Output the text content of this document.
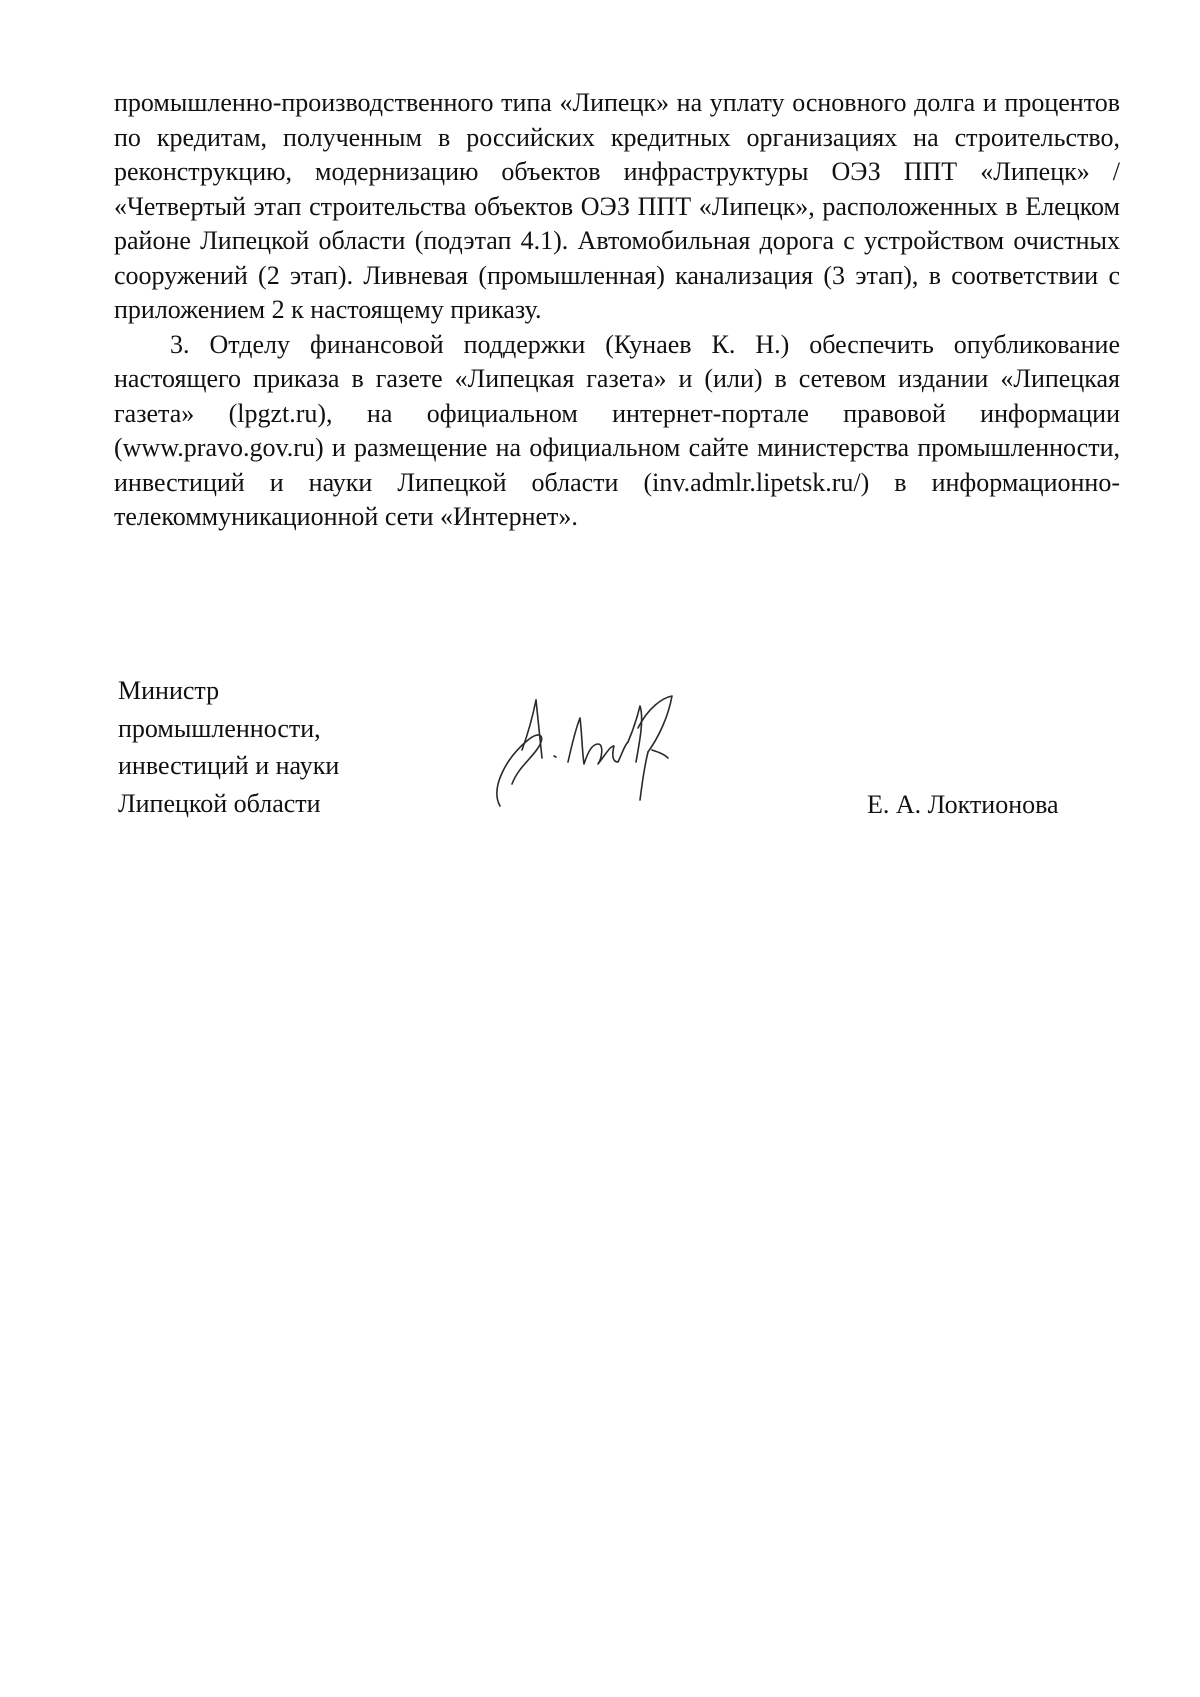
промышленно-производственного типа «Липецк» на уплату основного долга и процентов по кредитам, полученным в российских кредитных организациях на строительство, реконструкцию, модернизацию объектов инфраструктуры ОЭЗ ППТ «Липецк» / «Четвертый этап строительства объектов ОЭЗ ППТ «Липецк», расположенных в Елецком районе Липецкой области (подэтап 4.1). Автомобильная дорога с устройством очистных сооружений (2 этап). Ливневая (промышленная) канализация (3 этап), в соответствии с приложением 2 к настоящему приказу.

3. Отделу финансовой поддержки (Кунаев К. Н.) обеспечить опубликование настоящего приказа в газете «Липецкая газета» и (или) в сетевом издании «Липецкая газета» (lpgzt.ru), на официальном интернет-портале правовой информации (www.pravo.gov.ru) и размещение на официальном сайте министерства промышленности, инвестиций и науки Липецкой области (inv.admlr.lipetsk.ru/) в информационно-телекоммуникационной сети «Интернет».

Министр
промышленности,
инвестиций и науки
Липецкой области	Е. А. Локтионова
